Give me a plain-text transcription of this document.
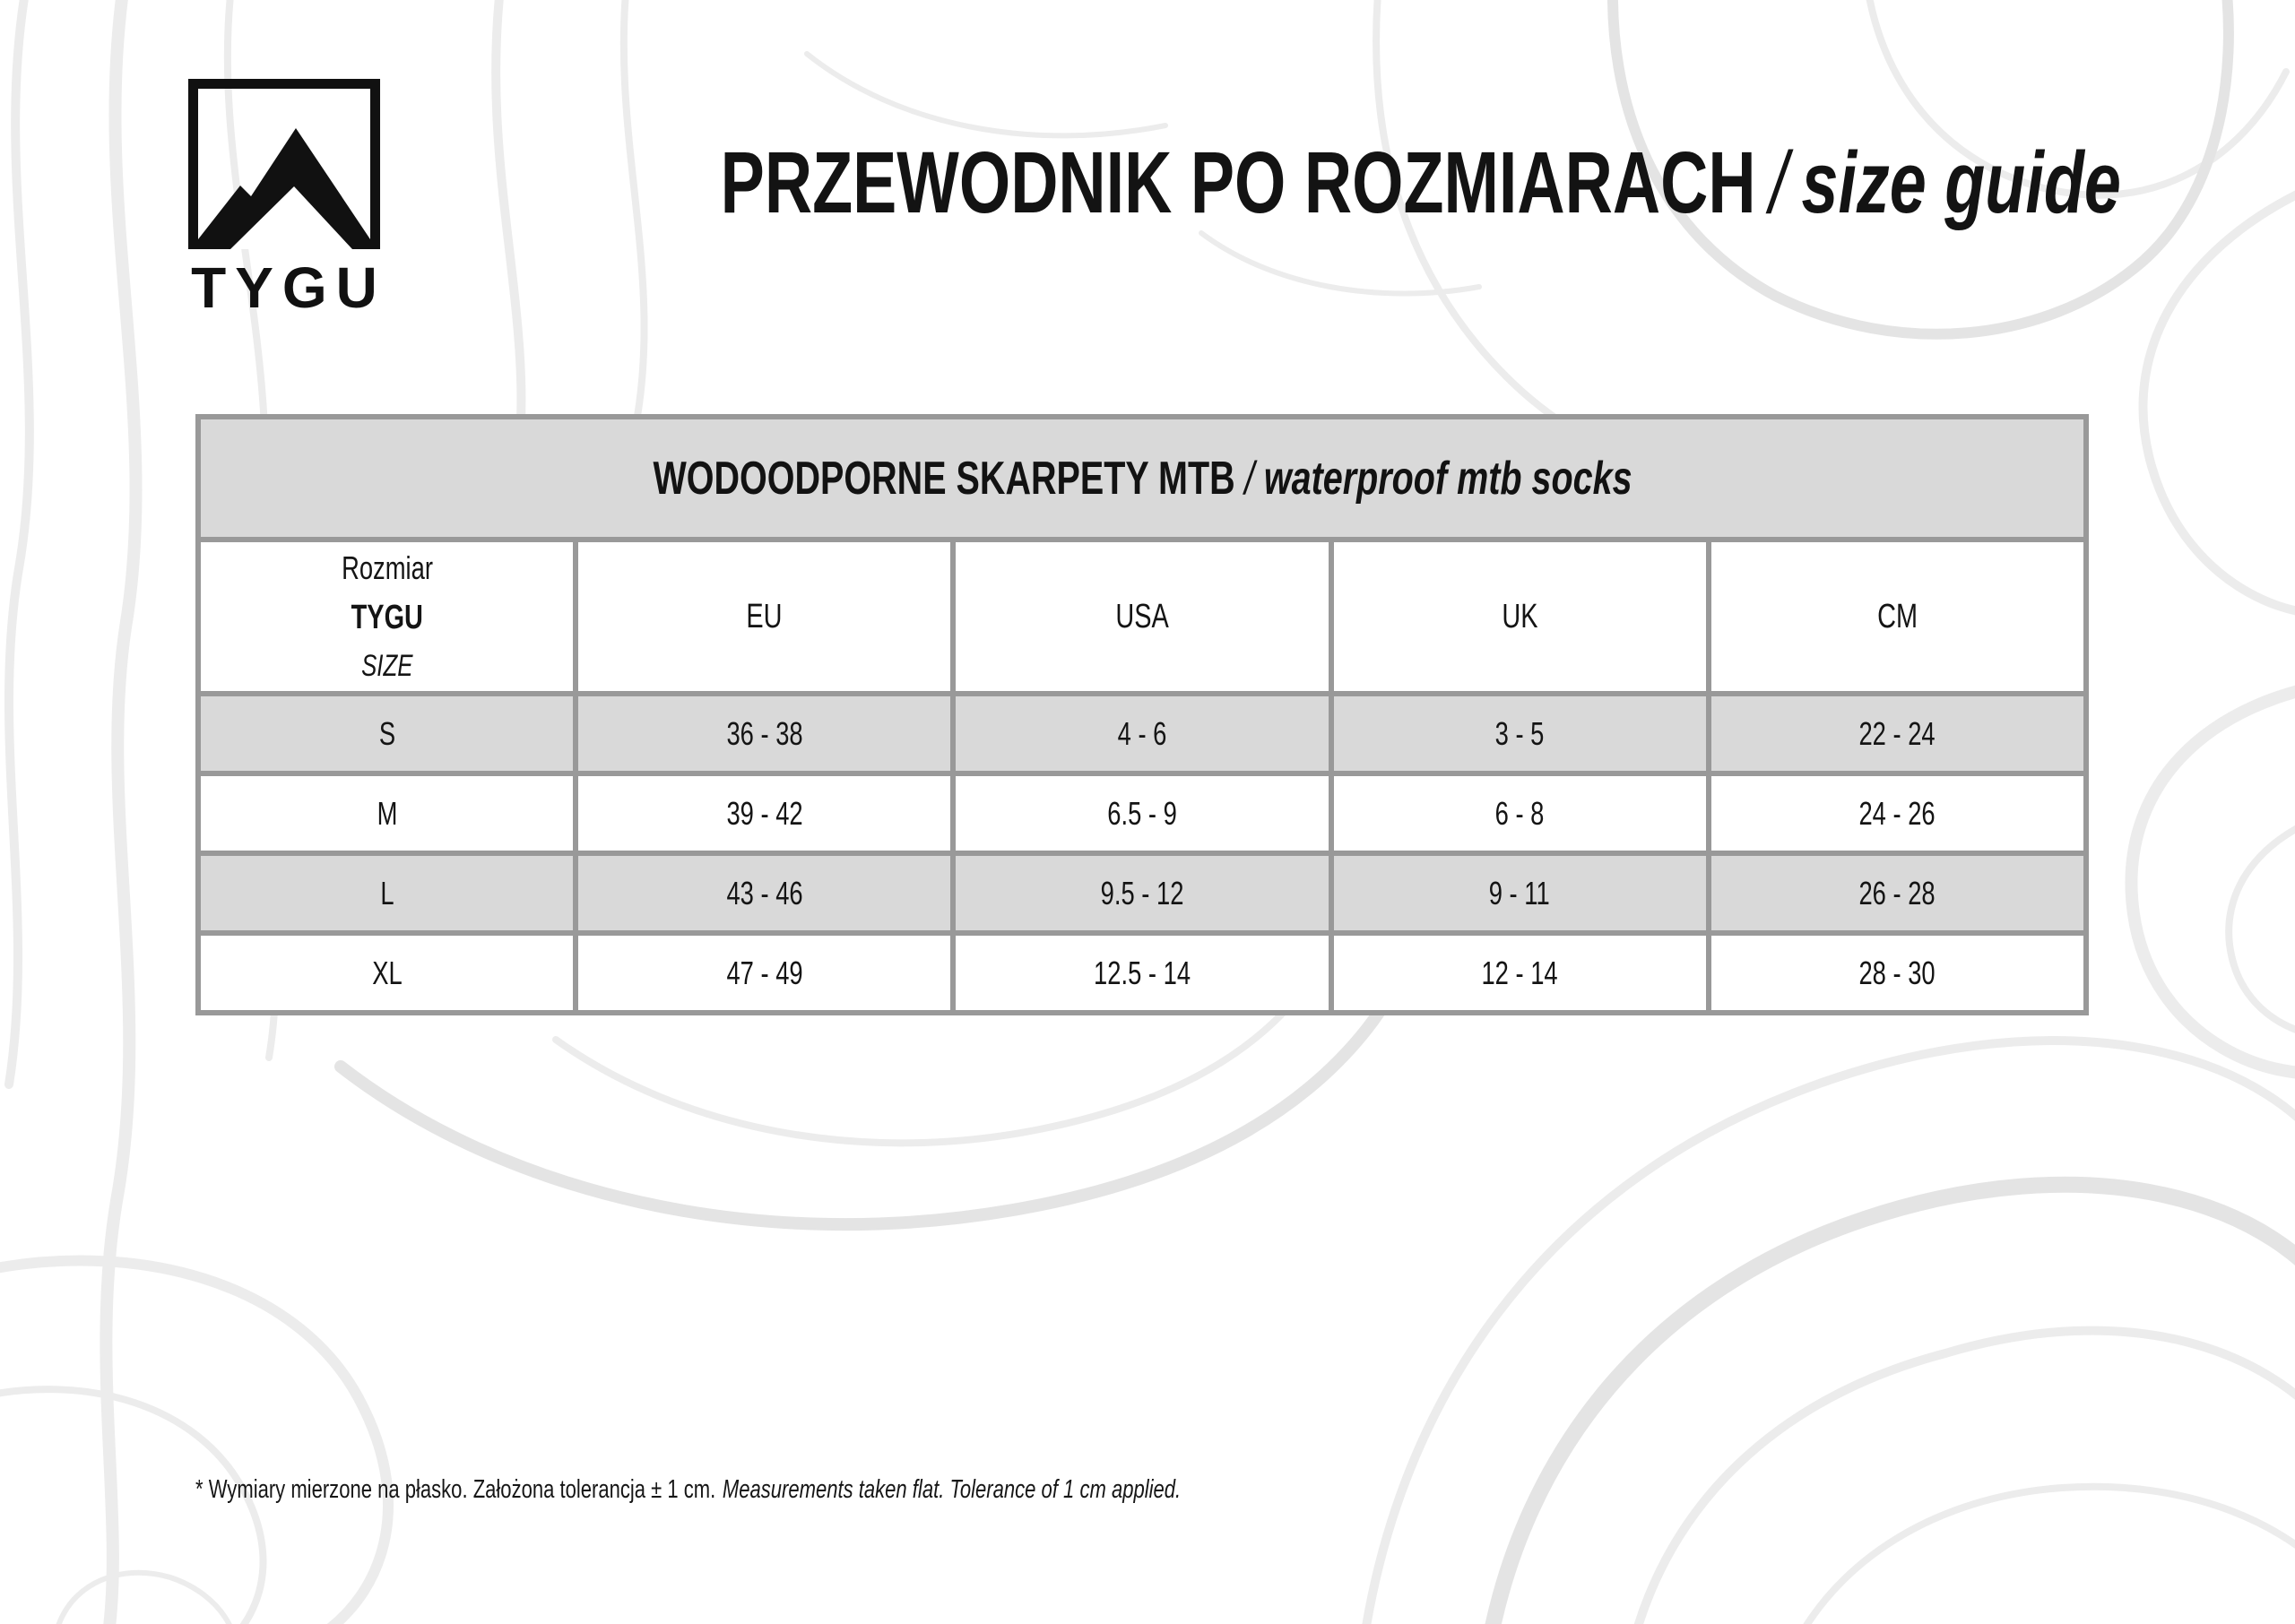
TYGU
PRZEWODNIK PO ROZMIARACH / size guide
WODOODPORNE SKARPETY MTB / waterproof mtb socks				

Rozmiar
TYGU
SIZE	EU	USA	UK	CM
S	36 - 38	4 - 6	3 - 5	22 - 24
M	39 - 42	6.5 - 9	6 - 8	24 - 26
L	43 - 46	9.5 - 12	9 - 11	26 - 28
XL	47 - 49	12.5 - 14	12 - 14	28 - 30
* Wymiary mierzone na płasko. Założona tolerancja ± 1 cm. Measurements taken flat. Tolerance of 1 cm applied.
